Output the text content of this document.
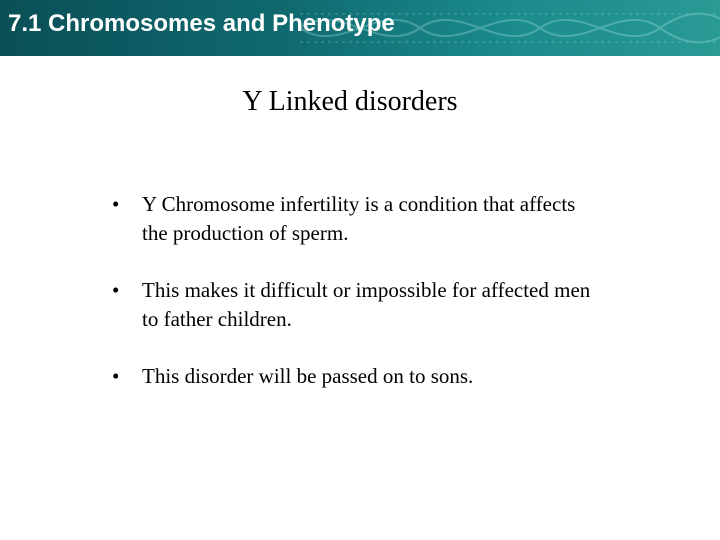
7.1 Chromosomes and Phenotype
Y Linked disorders
• Y Chromosome infertility is a condition that affects the production of sperm.
• This makes it difficult or impossible for affected men to father children.
• This disorder will be passed on to sons.
